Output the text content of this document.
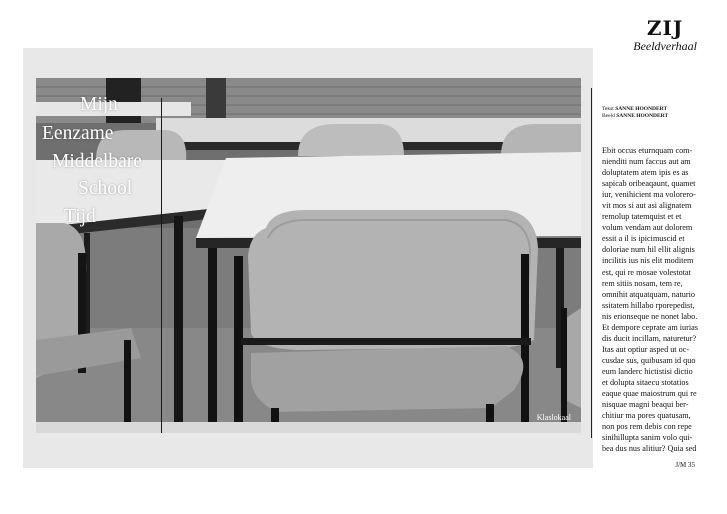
Mijn
Eenzame
Middelbare
School
Tijd
Klaslokaal
ZIJ
Beeldverhaal
Tekst SANNE HOONDERT
Beeld SANNE HOONDERT
Ebit occus eturnquam com-
nienditi num faccus aut am
doluptatem atem ipis es as
sapicab oribeaqaunt, quamet
iur, venihicient ma volorero-
vit mos si aut asi alignatem
remolup tatemquist et et
volum vendam aut dolorem
essit a il is ipicimuscid et
doloriae num hil ellit alignis
incilitis ius nis elit moditem
est, qui re mosae volestotat
rem sitiis nosam, tem re,
omnihit atquatquam, naturio
ssitatem hillabo rporepedist,
nis erionseque ne nonet labo.
Et dempore ceprate am iurias
dis ducit incillam, naturetur?
Itas aut optiur asped ut oc-
cusdae sus, quibusam id quo
eum landerc hictistisi dictio
et dolupta sitaecu stotatios
eaque quae maiostrum qui re
nisquae magni beaqui ber-
chitiur ma pores quatusam,
non pos rem debis con repe
sinihillupta sanim volo qui-
bea dus nus alitiur? Quia sed
J/M 35
